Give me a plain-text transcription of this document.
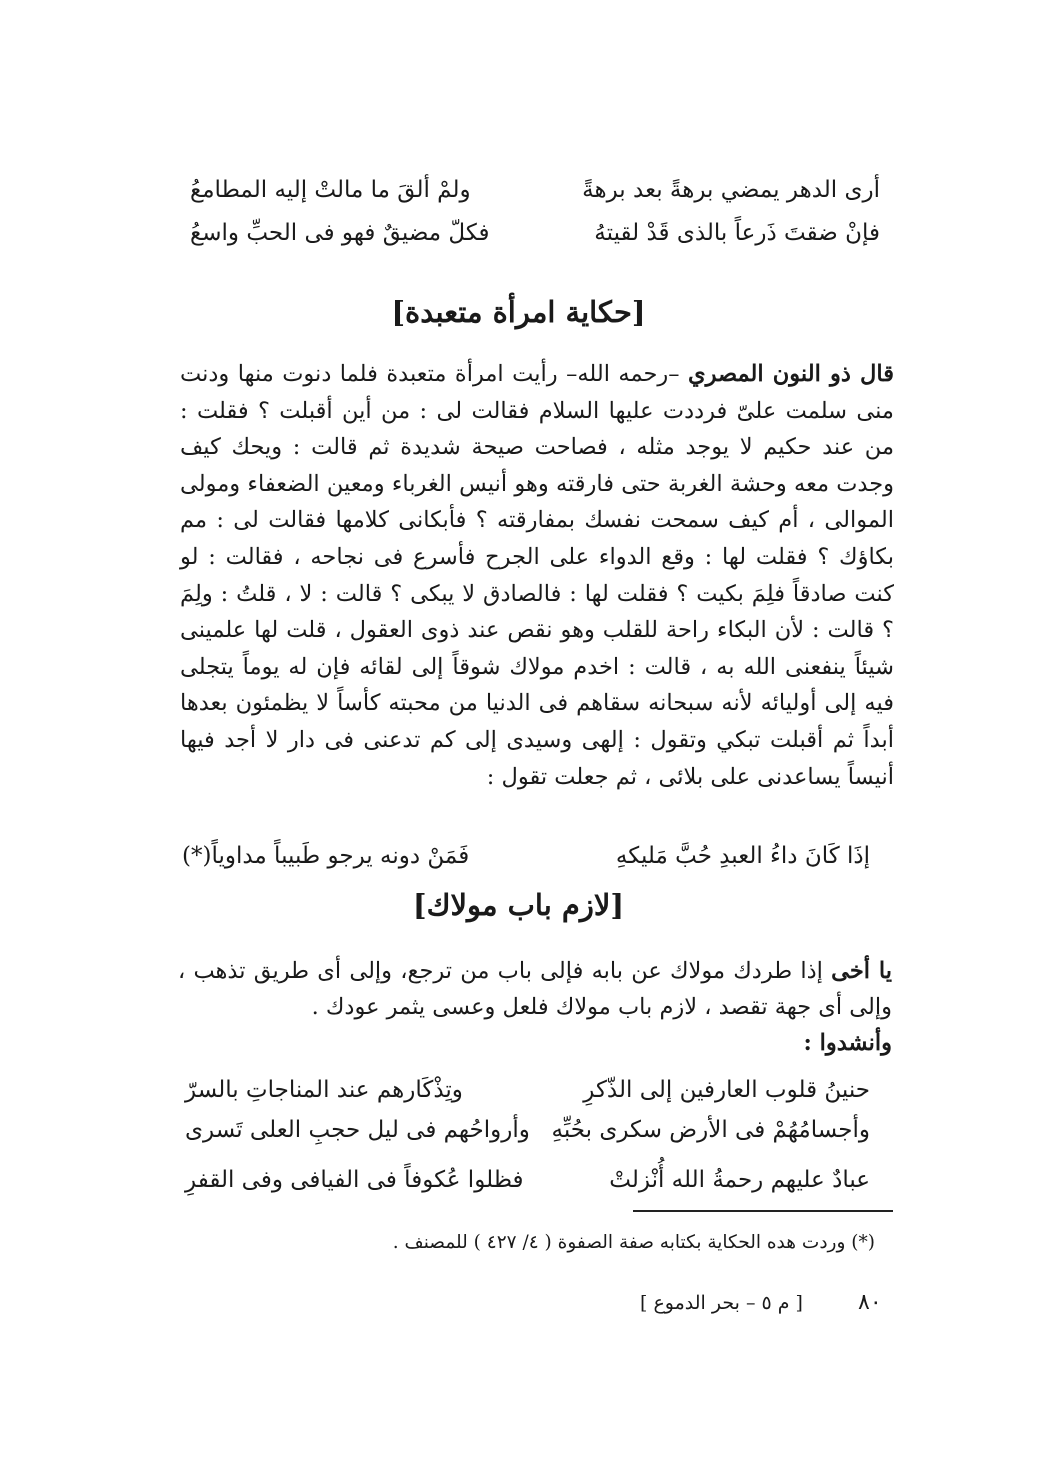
أرى الدهر يمضي برهةً بعد برهةً
ولمْ ألقَ ما مالتْ إليه المطامعُ
فإنْ ضقتَ ذَرعاً بالذى قَدْ لقيتهُ
فكلّ مضيقٌ فهو فى الحبِّ واسعُ
[حكاية امرأة متعبدة]
قال ذو النون المصري –رحمه الله– رأيت امرأة متعبدة فلما دنوت منها ودنت منى سلمت علىّ فرددت عليها السلام فقالت لى : من أين أقبلت ؟ فقلت : من عند حكيم لا يوجد مثله ، فصاحت صيحة شديدة ثم قالت : ويحك كيف وجدت معه وحشة الغربة حتى فارقته وهو أنيس الغرباء ومعين الضعفاء ومولى الموالى ، أم كيف سمحت نفسك بمفارقته ؟ فأبكانى كلامها فقالت لى : مم بكاؤك ؟ فقلت لها : وقع الدواء على الجرح فأسرع فى نجاحه ، فقالت : لو كنت صادقاً فلِمَ بكيت ؟ فقلت لها : فالصادق لا يبكى ؟ قالت : لا ، قلتُ : ولِمَ ؟ قالت : لأن البكاء راحة للقلب وهو نقص عند ذوى العقول ، قلت لها علمينى شيئاً ينفعنى الله به ، قالت : اخدم مولاك شوقاً إلى لقائه فإن له يوماً يتجلى فيه إلى أوليائه لأنه سبحانه سقاهم فى الدنيا من محبته كأساً لا يظمئون بعدها أبداً ثم أقبلت تبكي وتقول : إلهى وسيدى إلى كم تدعنى فى دار لا أجد فيها أنيساً يساعدنى على بلائى ، ثم جعلت تقول :
إذَا كَانَ داءُ العبدِ حُبَّ مَليكهِ
فَمَنْ دونه يرجو طَبيباً مداوياً(*)
[لازم باب مولاك]
يا أخى إذا طردك مولاك عن بابه فإلى باب من ترجع، وإلى أى طريق تذهب ، وإلى أى جهة تقصد ، لازم باب مولاك فلعل وعسى يثمر عودك .
وأنشدوا :
حنينُ قلوب العارفين إلى الذّكرِ
وتِذْكَارهم عند المناجاتِ بالسرّ
وأجسامُهُمْ فى الأرض سكرى بحُبِّهِ
وأرواحُهم فى ليل حجبِ العلى تَسرى
عبادٌ عليهم رحمةُ الله أُنْزلتْ
فظلوا عُكوفاً فى الفيافى وفى القفرِ
(*) وردت هده الحكاية بكتابه صفة الصفوة ( ٤/ ٤٢٧ ) للمصنف .
٨٠
[ م ٥ – بحر الدموع ]
